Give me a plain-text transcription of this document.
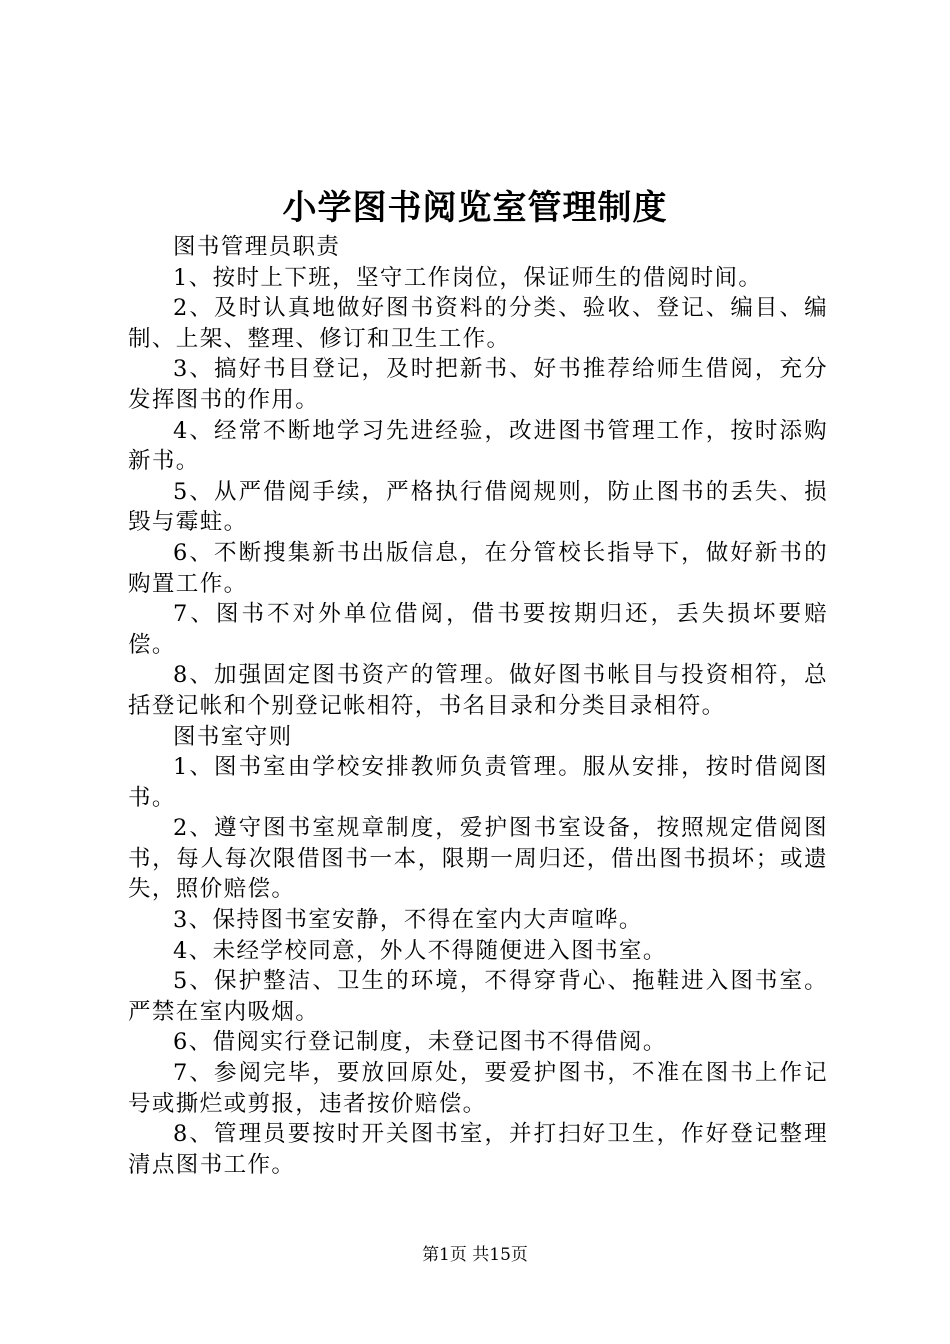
小学图书阅览室管理制度

图书管理员职责

1、按时上下班，坚守工作岗位，保证师生的借阅时间。

2、及时认真地做好图书资料的分类、验收、登记、编目、编制、上架、整理、修订和卫生工作。

3、搞好书目登记，及时把新书、好书推荐给师生借阅，充分发挥图书的作用。

4、经常不断地学习先进经验，改进图书管理工作，按时添购新书。

5、从严借阅手续，严格执行借阅规则，防止图书的丢失、损毁与霉蛀。

6、不断搜集新书出版信息，在分管校长指导下，做好新书的购置工作。

7、图书不对外单位借阅，借书要按期归还，丢失损坏要赔偿。

8、加强固定图书资产的管理。做好图书帐目与投资相符，总括登记帐和个别登记帐相符，书名目录和分类目录相符。

图书室守则

1、图书室由学校安排教师负责管理。服从安排，按时借阅图书。

2、遵守图书室规章制度，爱护图书室设备，按照规定借阅图书，每人每次限借图书一本，限期一周归还，借出图书损坏；或遗失，照价赔偿。

3、保持图书室安静，不得在室内大声喧哗。

4、未经学校同意，外人不得随便进入图书室。

5、保护整洁、卫生的环境，不得穿背心、拖鞋进入图书室。严禁在室内吸烟。

6、借阅实行登记制度，未登记图书不得借阅。

7、参阅完毕，要放回原处，要爱护图书，不准在图书上作记号或撕烂或剪报，违者按价赔偿。

8、管理员要按时开关图书室，并打扫好卫生，作好登记整理清点图书工作。

第1页 共15页
